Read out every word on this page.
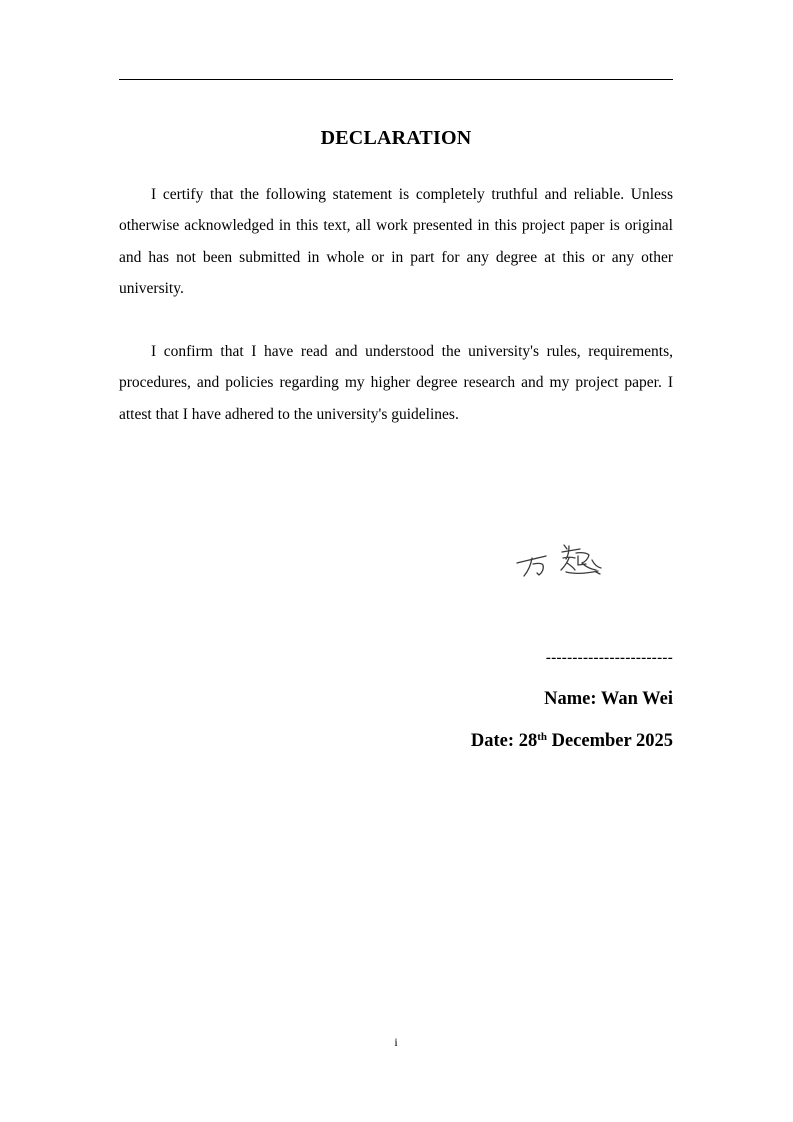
DECLARATION

I certify that the following statement is completely truthful and reliable. Unless otherwise acknowledged in this text, all work presented in this project paper is original and has not been submitted in whole or in part for any degree at this or any other university.

I confirm that I have read and understood the university's rules, requirements, procedures, and policies regarding my higher degree research and my project paper. I attest that I have adhered to the university's guidelines.

------------------------
Name: Wan Wei
Date: 28th December 2025
i
